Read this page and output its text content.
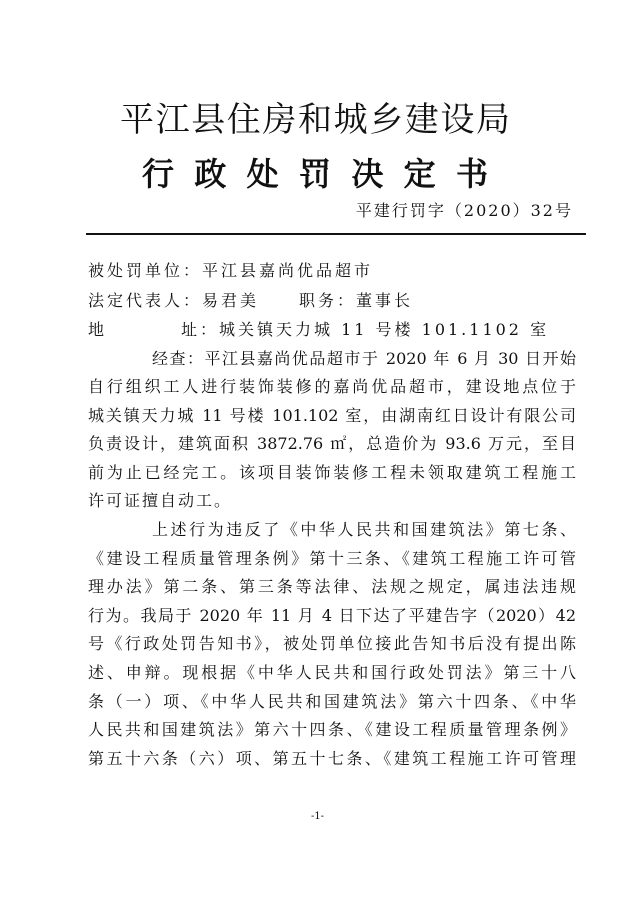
平江县住房和城乡建设局
行政处罚决定书
平建行罚字（2020）32号
被处罚单位：平江县嘉尚优品超市
法定代表人：易君美	职务：董事长
地　址：城关镇天力城 11 号楼 101.1102 室
经查：平江县嘉尚优品超市于 2020 年 6 月 30 日开始
自行组织工人进行装饰装修的嘉尚优品超市，建设地点位于
城关镇天力城 11 号楼 101.102 室，由湖南红日设计有限公司
负责设计，建筑面积 3872.76 ㎡，总造价为 93.6 万元，至目
前为止已经完工。该项目装饰装修工程未领取建筑工程施工
许可证擅自动工。
上述行为违反了《中华人民共和国建筑法》第七条、
《建设工程质量管理条例》第十三条、《建筑工程施工许可管
理办法》第二条、第三条等法律、法规之规定，属违法违规
行为。我局于 2020 年 11 月 4 日下达了平建告字（2020）42
号《行政处罚告知书》，被处罚单位接此告知书后没有提出陈
述、申辩。现根据《中华人民共和国行政处罚法》第三十八
条（一）项、《中华人民共和国建筑法》第六十四条、《中华
人民共和国建筑法》第六十四条、《建设工程质量管理条例》
第五十六条（六）项、第五十七条、《建筑工程施工许可管理
-1-
